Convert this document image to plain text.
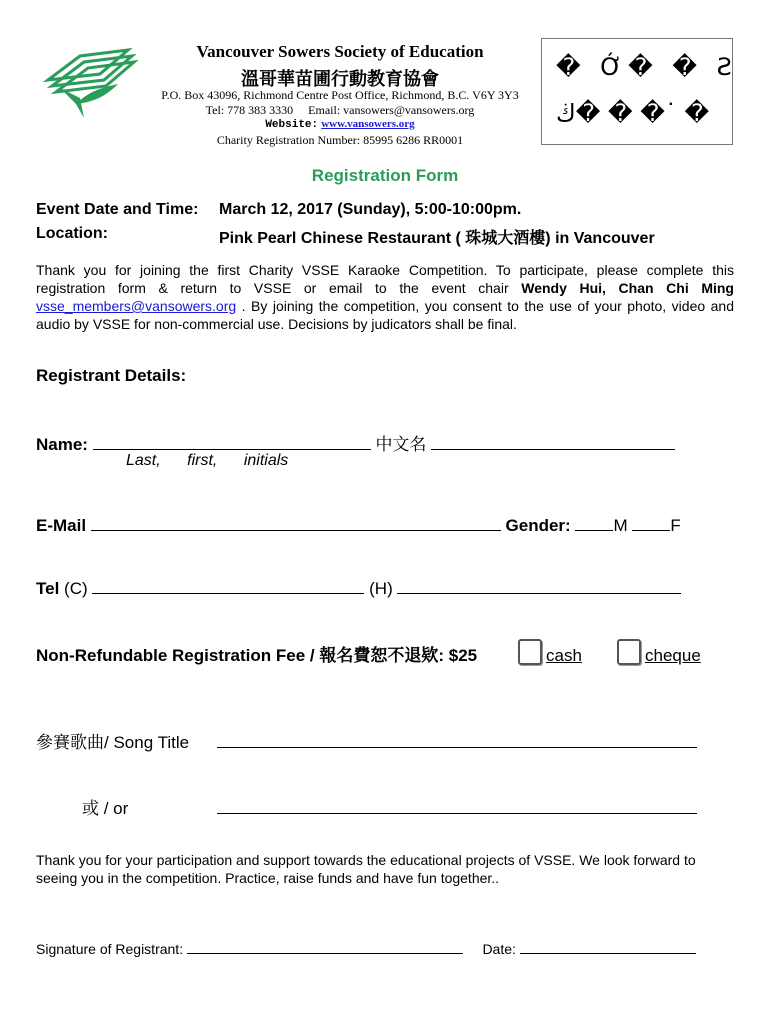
Vancouver Sowers Society of Education
溫哥華苗圃行動教育協會
P.O. Box 43096, Richmond Centre Post Office, Richmond, B.C. V6Y 3Y3
Tel: 778 383 3330 Email: vansowers@vansowers.org
Website: www.vansowers.org
Charity Registration Number: 85995 6286 RR0001
� Ớ� � Ƨ
ڬ� � �˙ �
Registration Form
Event Date and Time: March 12, 2017 (Sunday), 5:00-10:00pm.
Location:	Pink Pearl Chinese Restaurant ( 珠城大酒樓) in Vancouver
Thank you for joining the first Charity VSSE Karaoke Competition. To participate, please complete this registration form & return to VSSE or email to the event chair Wendy Hui, Chan Chi Ming vsse_members@vansowers.org . By joining the competition, you consent to the use of your photo, video and audio by VSSE for non-commercial use. Decisions by judicators shall be final.
Registrant Details:
Name:	中文名
Last, first, initials
E-Mail	Gender:	M	F
Tel (C)	(H)
Non-Refundable Registration Fee / 報名費恕不退欵: $25	cash	cheque
參賽歌曲/ Song Title
或 / or
Thank you for your participation and support towards the educational projects of VSSE. We look forward to seeing you in the competition. Practice, raise funds and have fun together..
Signature of Registrant:	Date:
